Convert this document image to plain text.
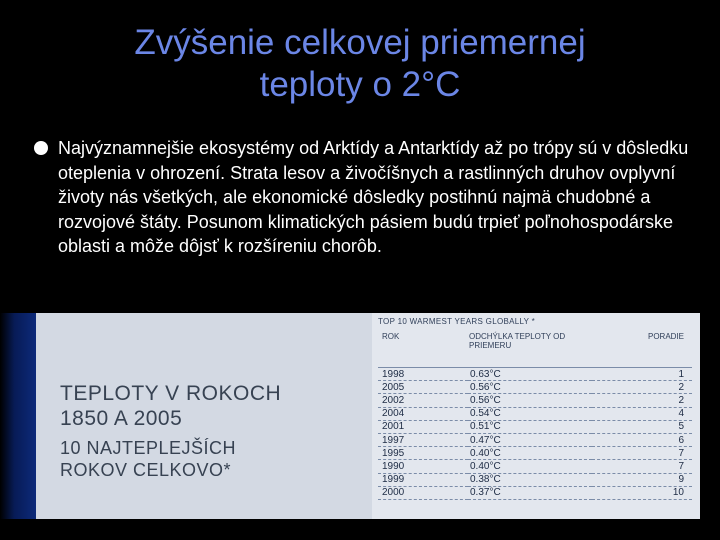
Zvýšenie celkovej priemernej
teploty o 2°C
Najvýznamnejšie ekosystémy od Arktídy a Antarktídy až po trópy sú v dôsledku oteplenia v ohrození. Strata lesov a živočíšnych a rastlinných druhov ovplyvní životy nás všetkých, ale ekonomické dôsledky postihnú najmä chudobné a rozvojové štáty. Posunom klimatických pásiem budú trpieť poľnohospodárske oblasti a môže dôjsť k rozšíreniu chorôb.
TEPLOTY V ROKOCH
1850 A 2005
10 NAJTEPLEJŠÍCH
ROKOV CELKOVO*
TOP 10 WARMEST YEARS GLOBALLY *
ROK	ODCHÝLKA TEPLOTY OD PRIEMERU	PORADIE
1998	0.63°C	1
2005	0.56°C	2
2002	0.56°C	2
2004	0.54°C	4
2001	0.51°C	5
1997	0.47°C	6
1995	0.40°C	7
1990	0.40°C	7
1999	0.38°C	9
2000	0.37°C	10
